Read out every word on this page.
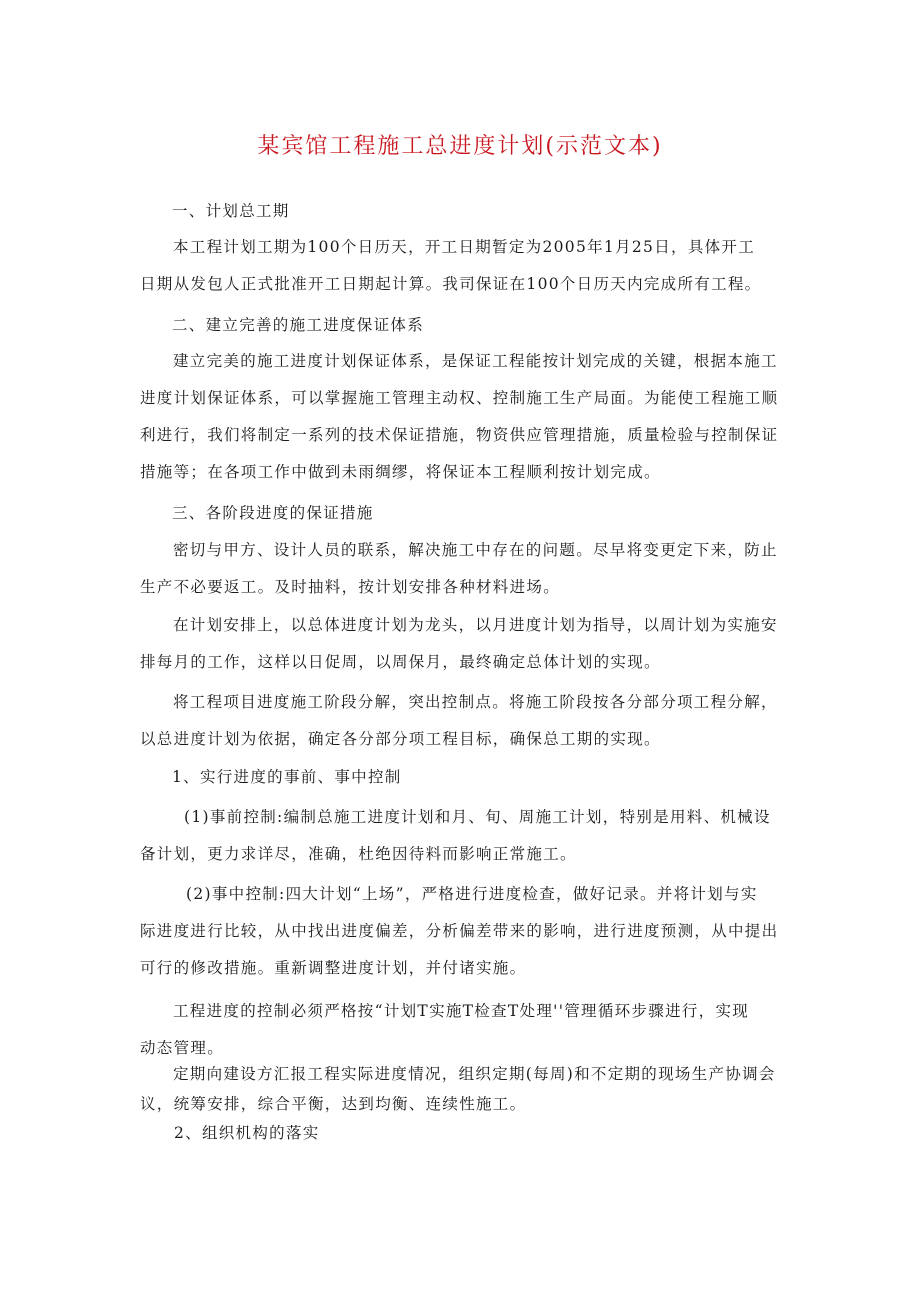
某宾馆工程施工总进度计划(示范文本)
一、计划总工期
本工程计划工期为100个日历天，开工日期暂定为2005年1月25日，具体开工
日期从发包人正式批准开工日期起计算。我司保证在100个日历天内完成所有工程。
二、建立完善的施工进度保证体系
建立完美的施工进度计划保证体系，是保证工程能按计划完成的关键，根据本施工
进度计划保证体系，可以掌握施工管理主动权、控制施工生产局面。为能使工程施工顺
利进行，我们将制定一系列的技术保证措施，物资供应管理措施，质量检验与控制保证
措施等；在各项工作中做到未雨绸缪，将保证本工程顺利按计划完成。
三、各阶段进度的保证措施
密切与甲方、设计人员的联系，解决施工中存在的问题。尽早将变更定下来，防止
生产不必要返工。及时抽料，按计划安排各种材料进场。
在计划安排上，以总体进度计划为龙头，以月进度计划为指导，以周计划为实施安
排每月的工作，这样以日促周，以周保月，最终确定总体计划的实现。
将工程项目进度施工阶段分解，突出控制点。将施工阶段按各分部分项工程分解，
以总进度计划为依据，确定各分部分项工程目标，确保总工期的实现。
1、实行进度的事前、事中控制
(1)事前控制:编制总施工进度计划和月、旬、周施工计划，特别是用料、机械设
备计划，更力求详尽，准确，杜绝因待料而影响正常施工。
(2)事中控制:四大计划“上场”，严格进行进度检查，做好记录。并将计划与实
际进度进行比较，从中找出进度偏差，分析偏差带来的影响，进行进度预测，从中提出
可行的修改措施。重新调整进度计划，并付诸实施。
工程进度的控制必须严格按“计划T实施T检查T处理''管理循环步骤进行，实现
动态管理。
定期向建设方汇报工程实际进度情况，组织定期(每周)和不定期的现场生产协调会
议，统筹安排，综合平衡，达到均衡、连续性施工。
2、组织机构的落实
